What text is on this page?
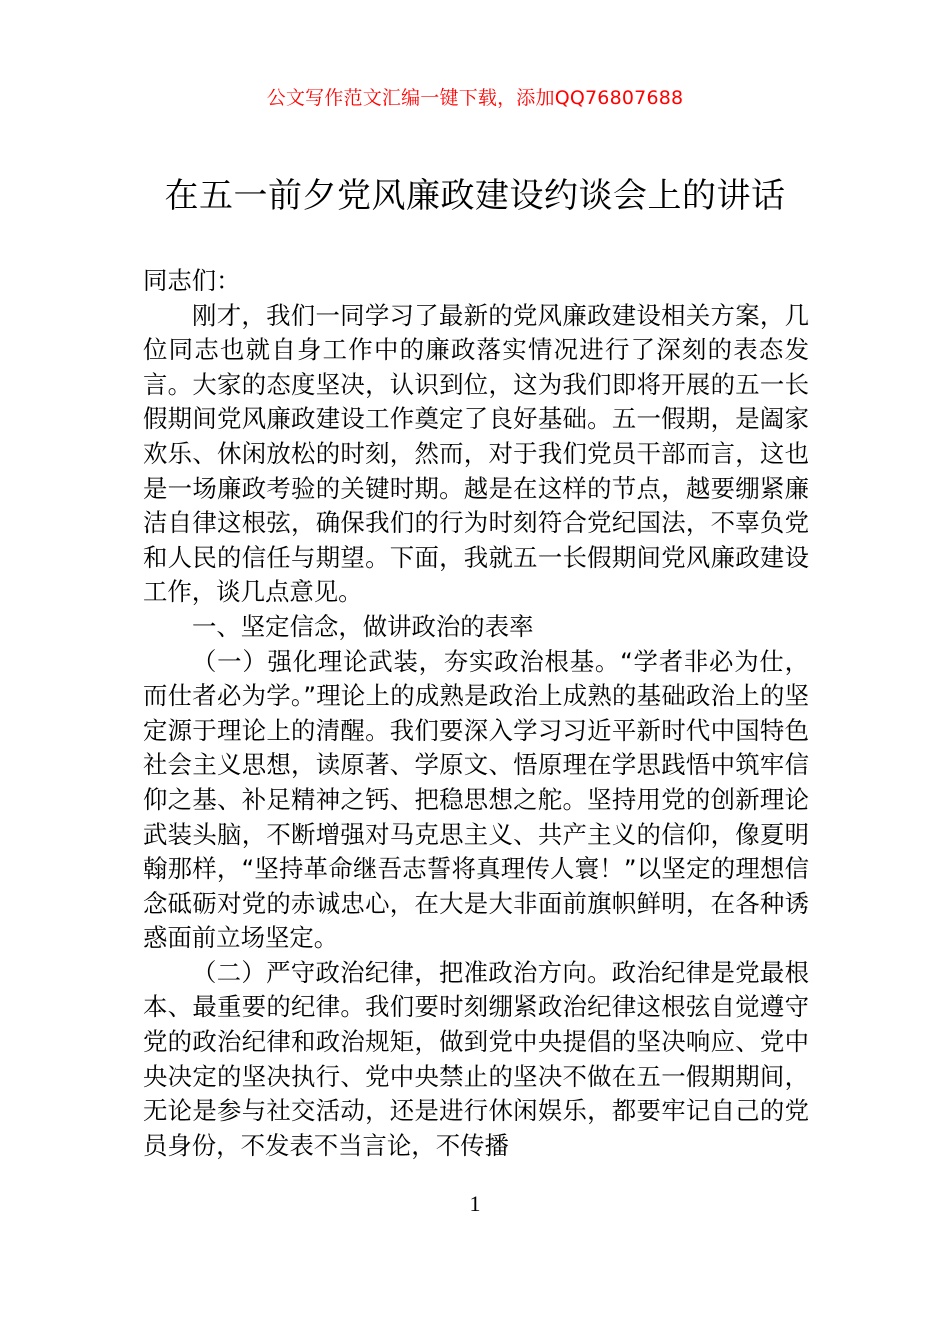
公文写作范文汇编一键下载，添加QQ76807688
在五一前夕党风廉政建设约谈会上的讲话

同志们：

刚才，我们一同学习了最新的党风廉政建设相关方案，几位同志也就自身工作中的廉政落实情况进行了深刻的表态发言。大家的态度坚决，认识到位，这为我们即将开展的五一长假期间党风廉政建设工作奠定了良好基础。五一假期，是阖家欢乐、休闲放松的时刻，然而，对于我们党员干部而言，这也是一场廉政考验的关键时期。越是在这样的节点，越要绷紧廉洁自律这根弦，确保我们的行为时刻符合党纪国法，不辜负党和人民的信任与期望。下面，我就五一长假期间党风廉政建设工作，谈几点意见。

一、坚定信念，做讲政治的表率

（一）强化理论武装，夯实政治根基。“学者非必为仕，而仕者必为学。”理论上的成熟是政治上成熟的基础政治上的坚定源于理论上的清醒。我们要深入学习习近平新时代中国特色社会主义思想，读原著、学原文、悟原理在学思践悟中筑牢信仰之基、补足精神之钙、把稳思想之舵。坚持用党的创新理论武装头脑，不断增强对马克思主义、共产主义的信仰，像夏明翰那样，“坚持革命继吾志誓将真理传人寰！”以坚定的理想信念砥砺对党的赤诚忠心，在大是大非面前旗帜鲜明，在各种诱惑面前立场坚定。

（二）严守政治纪律，把准政治方向。政治纪律是党最根本、最重要的纪律。我们要时刻绷紧政治纪律这根弦自觉遵守党的政治纪律和政治规矩，做到党中央提倡的坚决响应、党中央决定的坚决执行、党中央禁止的坚决不做在五一假期期间，无论是参与社交活动，还是进行休闲娱乐，都要牢记自己的党员身份，不发表不当言论，不传播

1
